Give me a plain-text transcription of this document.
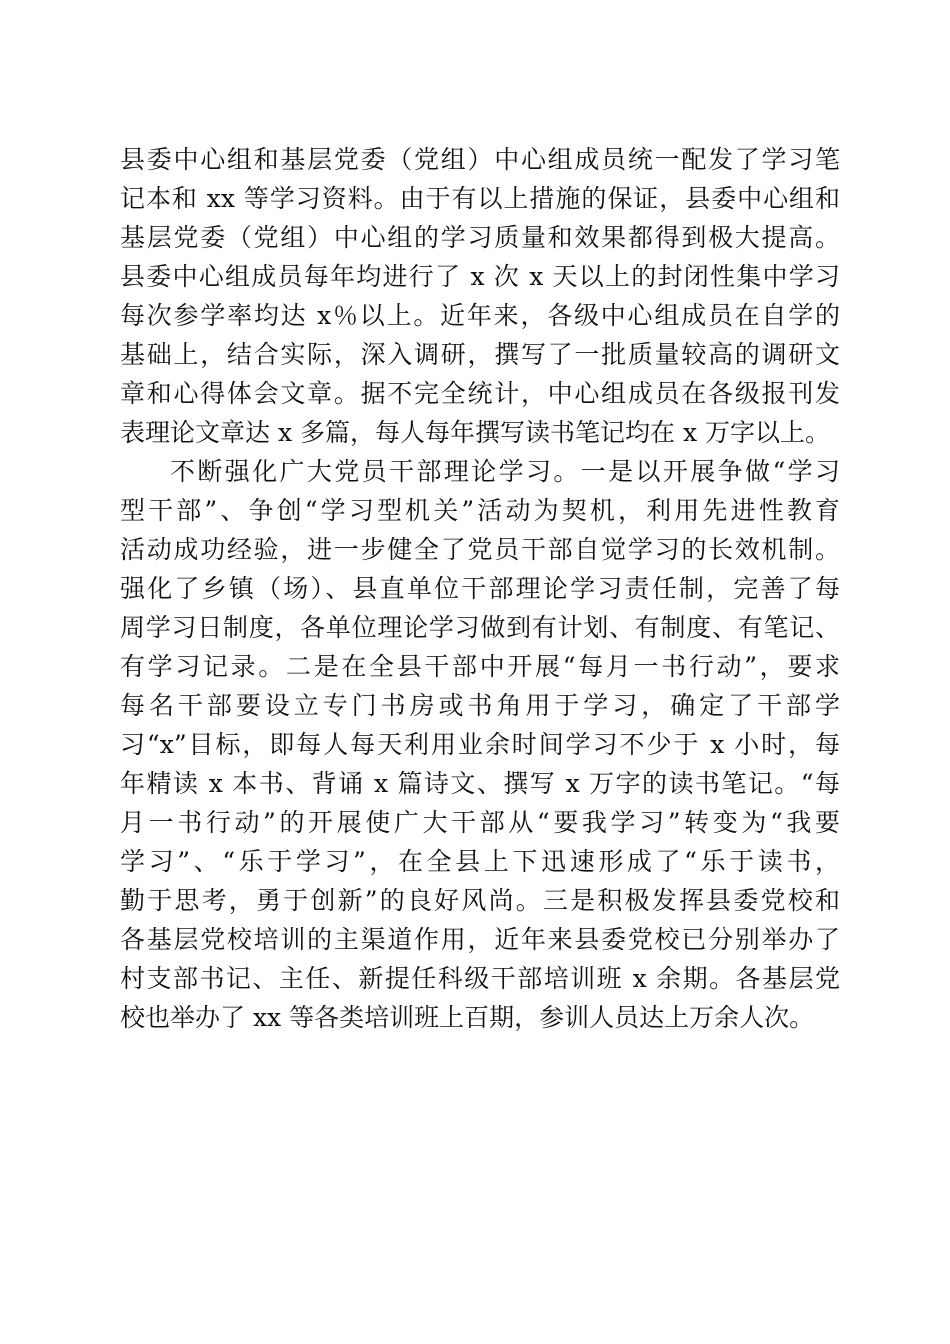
县委中心组和基层党委（党组）中心组成员统一配发了学习笔
记本和 xx 等学习资料。由于有以上措施的保证，县委中心组和
基层党委（党组）中心组的学习质量和效果都得到极大提高。
县委中心组成员每年均进行了 x 次 x 天以上的封闭性集中学习
每次参学率均达 x％以上。近年来，各级中心组成员在自学的
基础上，结合实际，深入调研，撰写了一批质量较高的调研文
章和心得体会文章。据不完全统计，中心组成员在各级报刊发
表理论文章达 x 多篇，每人每年撰写读书笔记均在 x 万字以上。
不断强化广大党员干部理论学习。一是以开展争做“学习
型干部”、争创“学习型机关”活动为契机，利用先进性教育
活动成功经验，进一步健全了党员干部自觉学习的长效机制。
强化了乡镇（场）、县直单位干部理论学习责任制，完善了每
周学习日制度，各单位理论学习做到有计划、有制度、有笔记、
有学习记录。二是在全县干部中开展“每月一书行动”，要求
每名干部要设立专门书房或书角用于学习，确定了干部学
习“x”目标，即每人每天利用业余时间学习不少于 x 小时，每
年精读 x 本书、背诵 x 篇诗文、撰写 x 万字的读书笔记。“每
月一书行动”的开展使广大干部从“要我学习”转变为“我要
学习”、“乐于学习”，在全县上下迅速形成了“乐于读书，
勤于思考，勇于创新”的良好风尚。三是积极发挥县委党校和
各基层党校培训的主渠道作用，近年来县委党校已分别举办了
村支部书记、主任、新提任科级干部培训班 x 余期。各基层党
校也举办了 xx 等各类培训班上百期，参训人员达上万余人次。
